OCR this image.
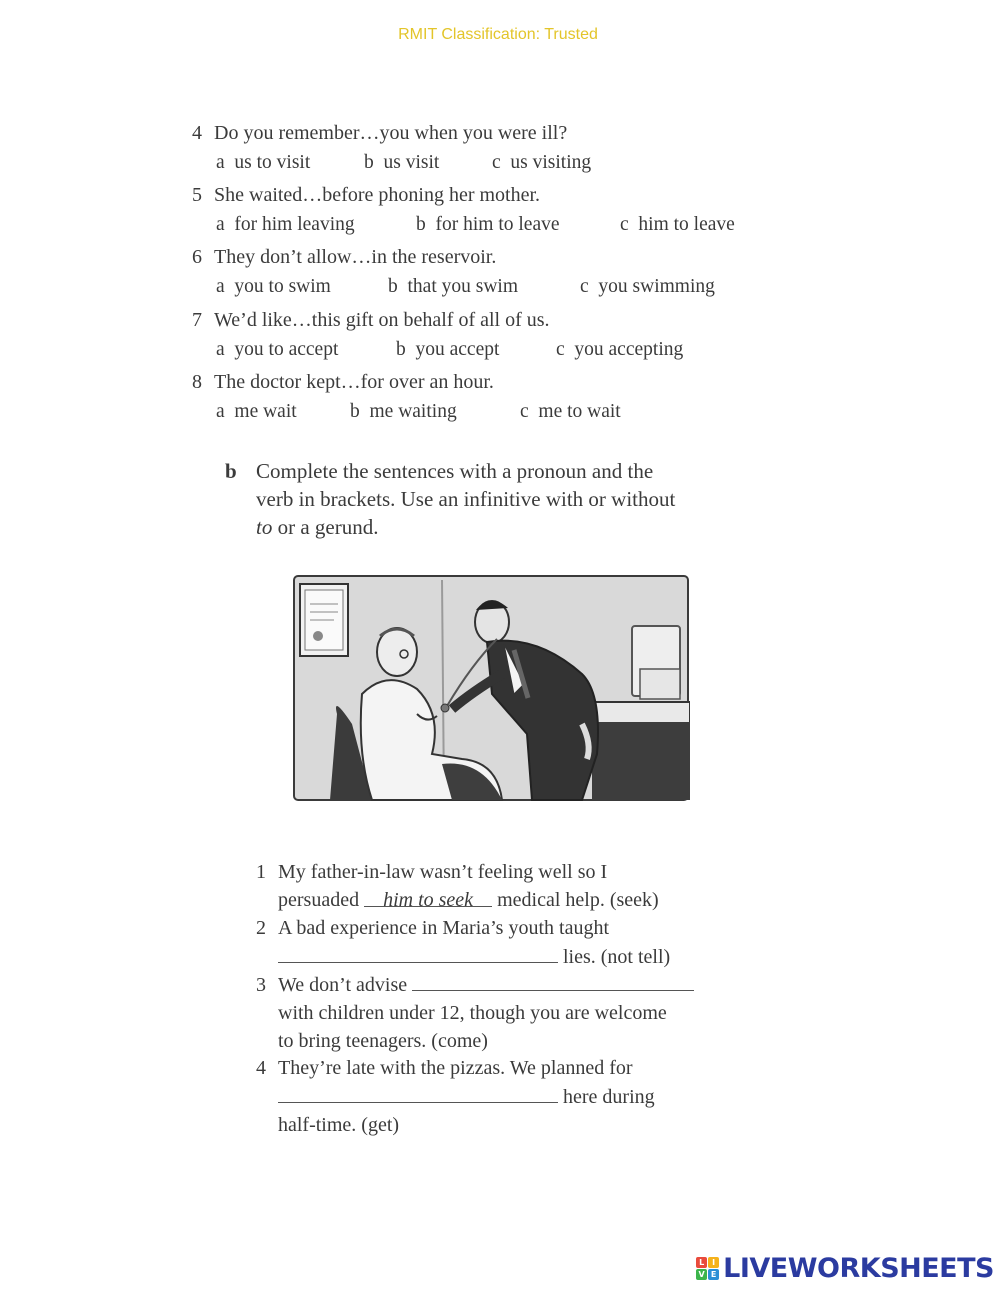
RMIT Classification: Trusted
4 Do you remember…you when you were ill?
a us to visit	b us visit	c us visiting
5 She waited…before phoning her mother.
a for him leaving	b for him to leave	c him to leave
6 They don’t allow…in the reservoir.
a you to swim	b that you swim	c you swimming
7 We’d like…this gift on behalf of all of us.
a you to accept	b you accept	c you accepting
8 The doctor kept…for over an hour.
a me wait	b me waiting	c me to wait
b Complete the sentences with a pronoun and the
verb in brackets. Use an infinitive with or without
to or a gerund.
1 My father-in-law wasn’t feeling well so I
persuaded him to seek medical help. (seek)
2 A bad experience in Maria’s youth taught
lies. (not tell)
3 We don’t advise
with children under 12, though you are welcome
to bring teenagers. (come)
4 They’re late with the pizzas. We planned for
here during
half-time. (get)
L I
V E LIVEWORKSHEETS
